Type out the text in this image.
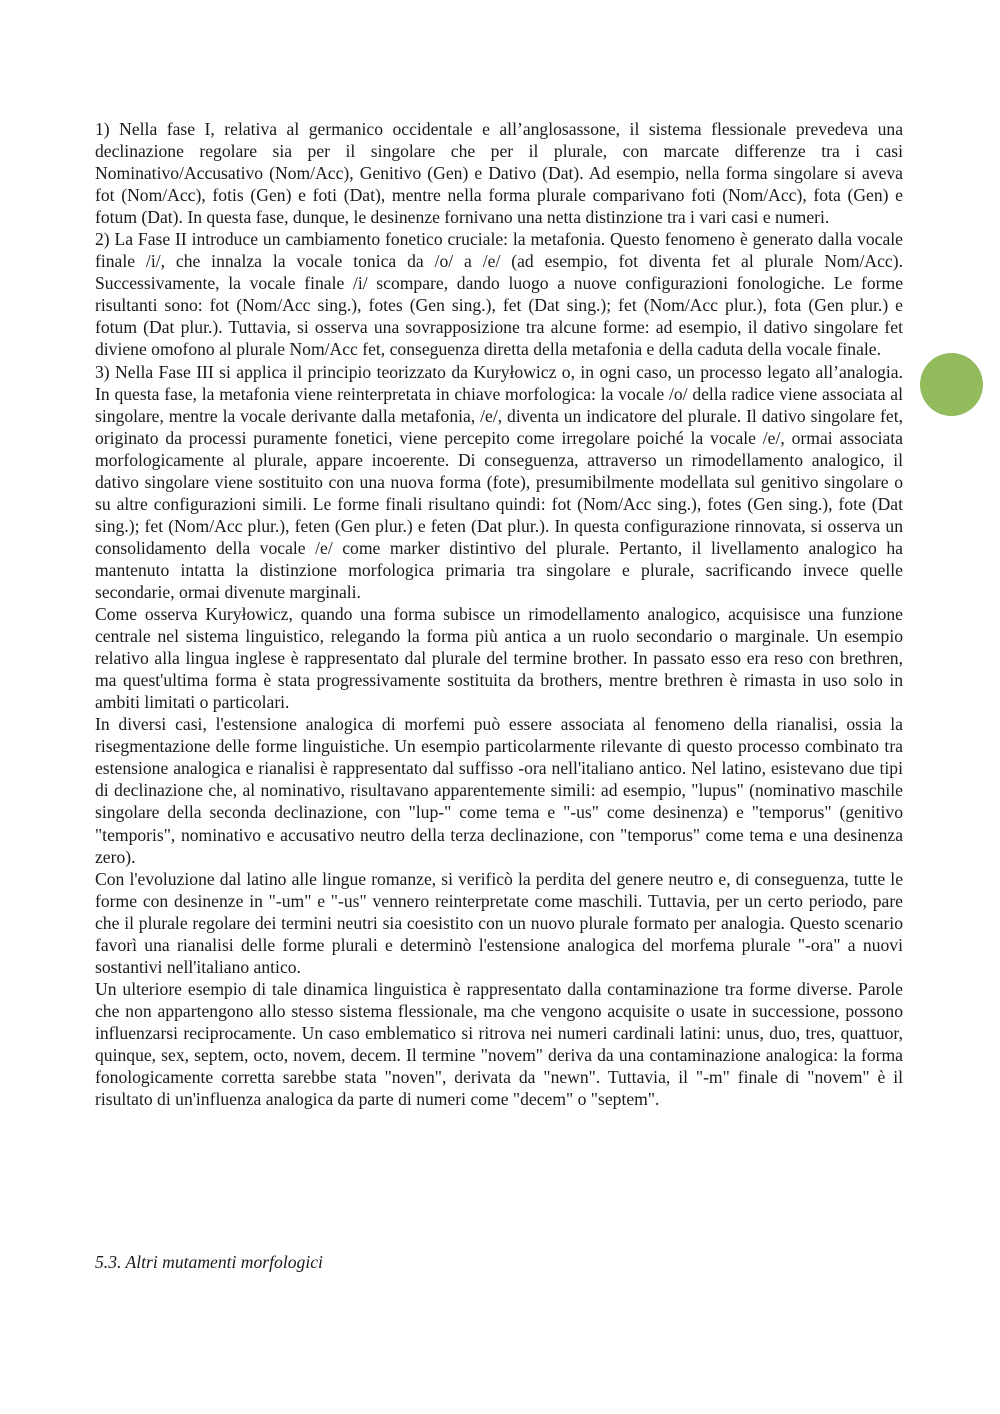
1) Nella fase I, relativa al germanico occidentale e all’anglosassone, il sistema flessionale prevedeva una declinazione regolare sia per il singolare che per il plurale, con marcate differenze tra i casi Nominativo/Accusativo (Nom/Acc), Genitivo (Gen) e Dativo (Dat). Ad esempio, nella forma singolare si aveva fot (Nom/Acc), fotis (Gen) e foti (Dat), mentre nella forma plurale comparivano foti (Nom/Acc), fota (Gen) e fotum (Dat). In questa fase, dunque, le desinenze fornivano una netta distinzione tra i vari casi e numeri.

2) La Fase II introduce un cambiamento fonetico cruciale: la metafonia. Questo fenomeno è generato dalla vocale finale /i/, che innalza la vocale tonica da /o/ a /e/ (ad esempio, fot diventa fet al plurale Nom/Acc). Successivamente, la vocale finale /i/ scompare, dando luogo a nuove configurazioni fonologiche. Le forme risultanti sono: fot (Nom/Acc sing.), fotes (Gen sing.), fet (Dat sing.); fet (Nom/Acc plur.), fota (Gen plur.) e fotum (Dat plur.). Tuttavia, si osserva una sovrapposizione tra alcune forme: ad esempio, il dativo singolare fet diviene omofono al plurale Nom/Acc fet, conseguenza diretta della metafonia e della caduta della vocale finale.

3) Nella Fase III si applica il principio teorizzato da Kuryłowicz o, in ogni caso, un processo legato all’analogia. In questa fase, la metafonia viene reinterpretata in chiave morfologica: la vocale /o/ della radice viene associata al singolare, mentre la vocale derivante dalla metafonia, /e/, diventa un indicatore del plurale. Il dativo singolare fet, originato da processi puramente fonetici, viene percepito come irregolare poiché la vocale /e/, ormai associata morfologicamente al plurale, appare incoerente. Di conseguenza, attraverso un rimodellamento analogico, il dativo singolare viene sostituito con una nuova forma (fote), presumibilmente modellata sul genitivo singolare o su altre configurazioni simili. Le forme finali risultano quindi: fot (Nom/Acc sing.), fotes (Gen sing.), fote (Dat sing.); fet (Nom/Acc plur.), feten (Gen plur.) e feten (Dat plur.). In questa configurazione rinnovata, si osserva un consolidamento della vocale /e/ come marker distintivo del plurale. Pertanto, il livellamento analogico ha mantenuto intatta la distinzione morfologica primaria tra singolare e plurale, sacrificando invece quelle secondarie, ormai divenute marginali.

Come osserva Kuryłowicz, quando una forma subisce un rimodellamento analogico, acquisisce una funzione centrale nel sistema linguistico, relegando la forma più antica a un ruolo secondario o marginale. Un esempio relativo alla lingua inglese è rappresentato dal plurale del termine brother. In passato esso era reso con brethren, ma quest'ultima forma è stata progressivamente sostituita da brothers, mentre brethren è rimasta in uso solo in ambiti limitati o particolari.

In diversi casi, l'estensione analogica di morfemi può essere associata al fenomeno della rianalisi, ossia la risegmentazione delle forme linguistiche. Un esempio particolarmente rilevante di questo processo combinato tra estensione analogica e rianalisi è rappresentato dal suffisso -ora nell'italiano antico. Nel latino, esistevano due tipi di declinazione che, al nominativo, risultavano apparentemente simili: ad esempio, "lupus" (nominativo maschile singolare della seconda declinazione, con "lup-" come tema e "-us" come desinenza) e "temporus" (genitivo "temporis", nominativo e accusativo neutro della terza declinazione, con "temporus" come tema e una desinenza zero).

Con l'evoluzione dal latino alle lingue romanze, si verificò la perdita del genere neutro e, di conseguenza, tutte le forme con desinenze in "-um" e "-us" vennero reinterpretate come maschili. Tuttavia, per un certo periodo, pare che il plurale regolare dei termini neutri sia coesistito con un nuovo plurale formato per analogia. Questo scenario favorì una rianalisi delle forme plurali e determinò l'estensione analogica del morfema plurale "-ora" a nuovi sostantivi nell'italiano antico.

Un ulteriore esempio di tale dinamica linguistica è rappresentato dalla contaminazione tra forme diverse. Parole che non appartengono allo stesso sistema flessionale, ma che vengono acquisite o usate in successione, possono influenzarsi reciprocamente. Un caso emblematico si ritrova nei numeri cardinali latini: unus, duo, tres, quattuor, quinque, sex, septem, octo, novem, decem. Il termine "novem" deriva da una contaminazione analogica: la forma fonologicamente corretta sarebbe stata "noven", derivata da "newn". Tuttavia, il "-m" finale di "novem" è il risultato di un'influenza analogica da parte di numeri come "decem" o "septem".

5.3. Altri mutamenti morfologici
